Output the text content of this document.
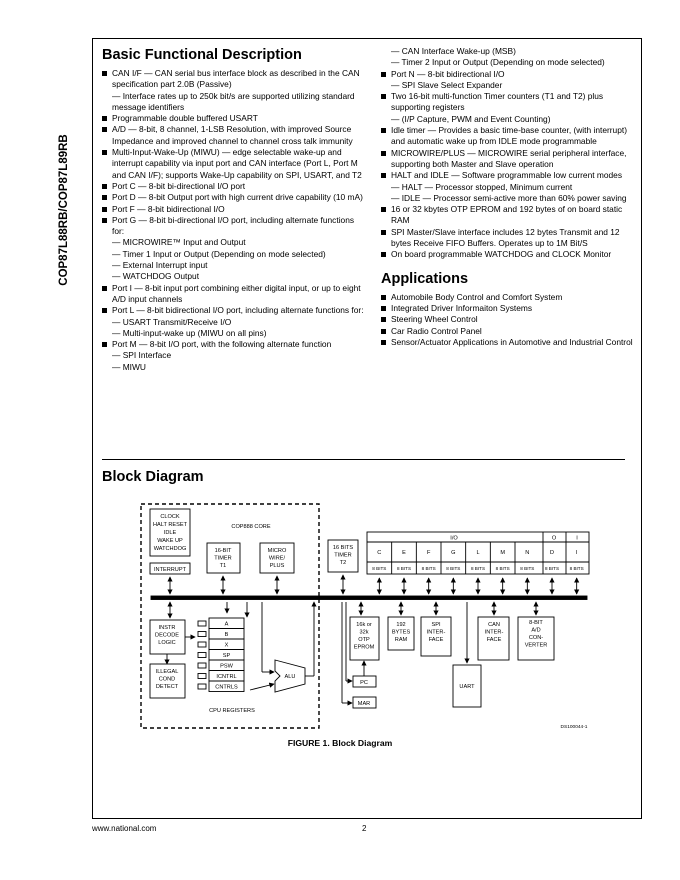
COP87L88RB/COP87L89RB
Basic Functional Description
CAN I/F — CAN serial bus interface block as described in the CAN specification part 2.0B (Passive)
— Interface rates up to 250k bit/s are supported utilizing standard message identifiers
Programmable double buffered USART
A/D — 8-bit, 8 channel, 1-LSB Resolution, with improved Source Impedance and improved channel to channel cross talk immunity
Multi-Input-Wake-Up (MIWU) — edge selectable wake-up and interrupt capability via input port and CAN interface (Port L, Port M and CAN I/F); supports Wake-Up capability on SPI, USART, and T2
Port C — 8-bit bi-directional I/O port
Port D — 8-bit Output port with high current drive capability (10 mA)
Port F — 8-bit bidirectional I/O
Port G — 8-bit bi-directional I/O port, including alternate functions for:
— MICROWIRE™ Input and Output
— Timer 1 Input or Output (Depending on mode selected)
— External Interrupt input
— WATCHDOG Output
Port I — 8-bit input port combining either digital input, or up to eight A/D input channels
Port L — 8-bit bidirectional I/O port, including alternate functions for:
— USART Transmit/Receive I/O
— Multi-input-wake up (MIWU on all pins)
Port M — 8-bit I/O port, with the following alternate function
— SPI Interface
— MIWU
— CAN Interface Wake-up (MSB)
— Timer 2 Input or Output (Depending on mode selected)
Port N — 8-bit bidirectional I/O
— SPI Slave Select Expander
Two 16-bit multi-function Timer counters (T1 and T2) plus supporting registers
— (I/P Capture, PWM and Event Counting)
Idle timer — Provides a basic time-base counter, (with interrupt) and automatic wake up from IDLE mode programmable
MICROWIRE/PLUS — MICROWIRE serial peripheral interface, supporting both Master and Slave operation
HALT and IDLE — Software programmable low current modes
— HALT — Processor stopped, Minimum current
— IDLE — Processor semi-active more than 60% power saving
16 or 32 kbytes OTP EPROM and 192 bytes of on board static RAM
SPI Master/Slave interface includes 12 bytes Transmit and 12 bytes Receive FIFO Buffers. Operates up to 1M Bit/S
On board programmable WATCHDOG and CLOCK Monitor
Applications
Automobile Body Control and Comfort System
Integrated Driver Informaiton Systems
Steering Wheel Control
Car Radio Control Panel
Sensor/Actuator Applications in Automotive and Industrial Control
Block Diagram
CLOCK
HALT RESET
IDLE
WAKE UP
WATCHDOG
COP888 CORE
INTERRUPT
16-BIT
TIMER
T1
MICRO
WIRE/
PLUS
16 BITS
TIMER
T2
I/O	O	I
INSTR
DECODE
LOGIC
ILLEGAL
COND
DETECT
ALU
16k or
32k
OTP
EPROM
192
BYTES
RAM
SPI
INTER-
FACE
CAN
INTER-
FACE
8-BIT
A/D
CON-
VERTER
PC
MAR
UART
CPU REGISTERS
DS100044-1
A
B
X
SP
PSW
ICNTRL
CNTRLS
C
8 BITS
E
8 BITS
F
8 BITS
G
8 BITS
L
8 BITS
M
8 BITS
N
8 BITS
D
8 BITS
I
8 BITS
FIGURE 1. Block Diagram
www.national.com	2
